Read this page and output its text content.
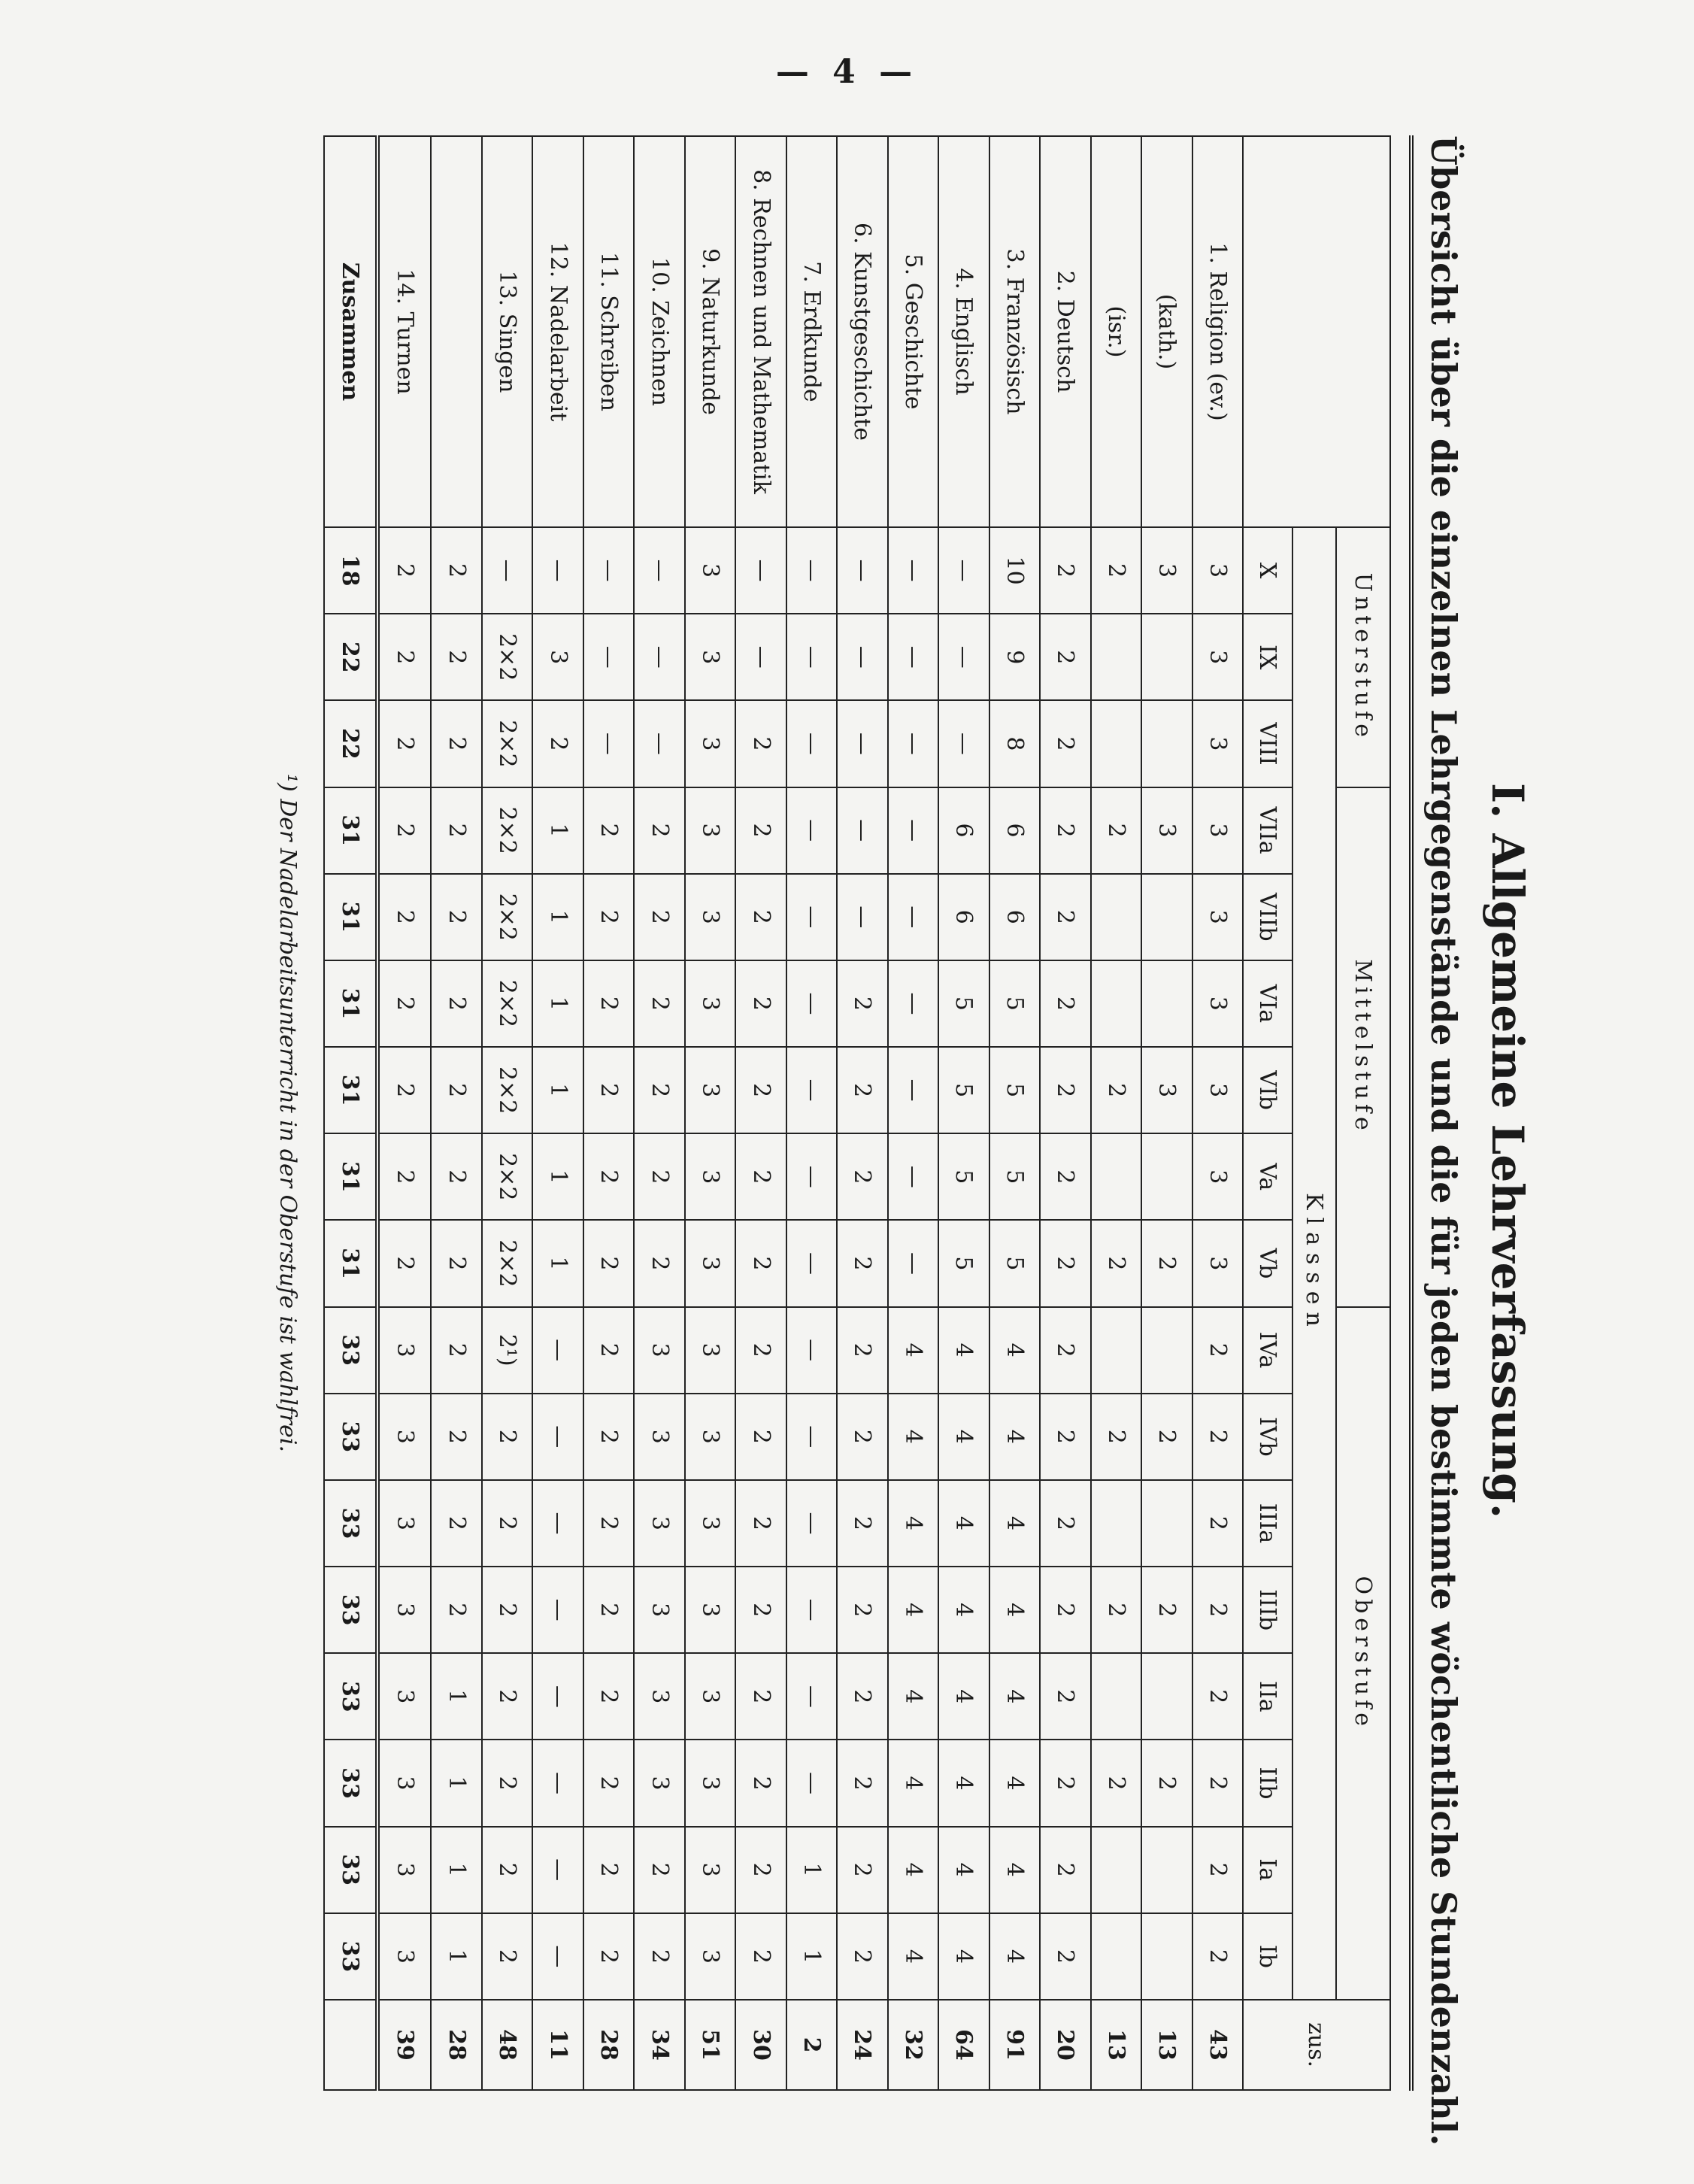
— 4 —
I. Allgemeine Lehrverfassung.
Übersicht über die einzelnen Lehrgegenstände und die für jeden bestimmte wöchentliche Stundenzahl.
	Unterstufe			Mittelstufe						Oberstufe								zus.
	Klassen																	
	X	IX	VIII	VIIa	VIIb	VIa	VIb	Va	Vb	IVa	IVb	IIIa	IIIb	IIa	IIb	Ia	Ib	
1. Religion (ev.)	3	3	3	3	3	3	3	3	3	2	2	2	2	2	2	2	2	43
(kath.)	3			3			3		2		2		2		2			13
(isr.)	2			2			2		2		2		2		2			13
2. Deutsch	2	2	2	2	2	2	2	2	2	2	2	2	2	2	2	2	2	20
3. Französisch	10	9	8	6	6	5	5	5	5	4	4	4	4	4	4	4	4	91
4. Englisch	—	—	—	6	6	5	5	5	5	4	4	4	4	4	4	4	4	64
5. Geschichte	—	—	—	—	—	—	—	—	—	4	4	4	4	4	4	4	4	32
6. Kunstgeschichte	—	—	—	—	—	2	2	2	2	2	2	2	2	2	2	2	2	24
7. Erdkunde	—	—	—	—	—	—	—	—	—	—	—	—	—	—	—	1	1	2
8. Rechnen und Mathematik	—	—	2	2	2	2	2	2	2	2	2	2	2	2	2	2	2	30
9. Naturkunde	3	3	3	3	3	3	3	3	3	3	3	3	3	3	3	3	3	51
10. Zeichnen	—	—	—	2	2	2	2	2	2	3	3	3	3	3	3	2	2	34
11. Schreiben	—	—	—	2	2	2	2	2	2	2	2	2	2	2	2	2	2	28
12. Nadelarbeit	—	3	2	1	1	1	1	1	1	—	—	—	—	—	—	—	—	11
13. Singen	—	2×2	2×2	2×2	2×2	2×2	2×2	2×2	2×2	2¹)	2	2	2	2	2	2	2	48
	2	2	2	2	2	2	2	2	2	2	2	2	2	1	1	1	1	28
14. Turnen	2	2	2	2	2	2	2	2	2	3	3	3	3	3	3	3	3	39
Zusammen	18	22	22	31	31	31	31	31	31	33	33	33	33	33	33	33	33	
¹) Der Nadelarbeitsunterricht in der Oberstufe ist wahlfrei.
